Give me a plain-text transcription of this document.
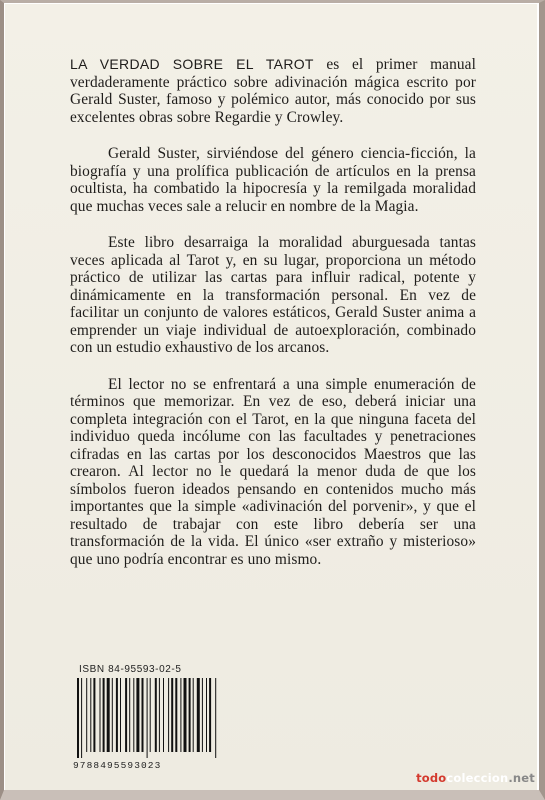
LA VERDAD SOBRE EL TAROT es el primer manual verdaderamente práctico sobre adivinación mágica escrito por Gerald Suster, famoso y polémico autor, más conocido por sus excelentes obras sobre Regardie y Crowley.

Gerald Suster, sirviéndose del género ciencia-ficción, la biografía y una prolífica publicación de artículos en la prensa ocultista, ha combatido la hipocresía y la remilgada moralidad que muchas veces sale a relucir en nombre de la Magia.

Este libro desarraiga la moralidad aburguesada tantas veces aplicada al Tarot y, en su lugar, proporciona un método práctico de utilizar las cartas para influir radical, potente y dinámicamente en la transformación personal. En vez de facilitar un conjunto de valores estáticos, Gerald Suster anima a emprender un viaje individual de autoexploración, combinado con un estudio exhaustivo de los arcanos.

El lector no se enfrentará a una simple enumeración de términos que memorizar. En vez de eso, deberá iniciar una completa integración con el Tarot, en la que ninguna faceta del individuo queda incólume con las facultades y penetraciones cifradas en las cartas por los desconocidos Maestros que las crearon. Al lector no le quedará la menor duda de que los símbolos fueron ideados pensando en contenidos mucho más importantes que la simple «adivinación del porvenir», y que el resultado de trabajar con este libro debería ser una transformación de la vida. El único «ser extraño y misterioso» que uno podría encontrar es uno mismo.

ISBN 84-95593-02-5
9788495593023
todocoleccion.net
